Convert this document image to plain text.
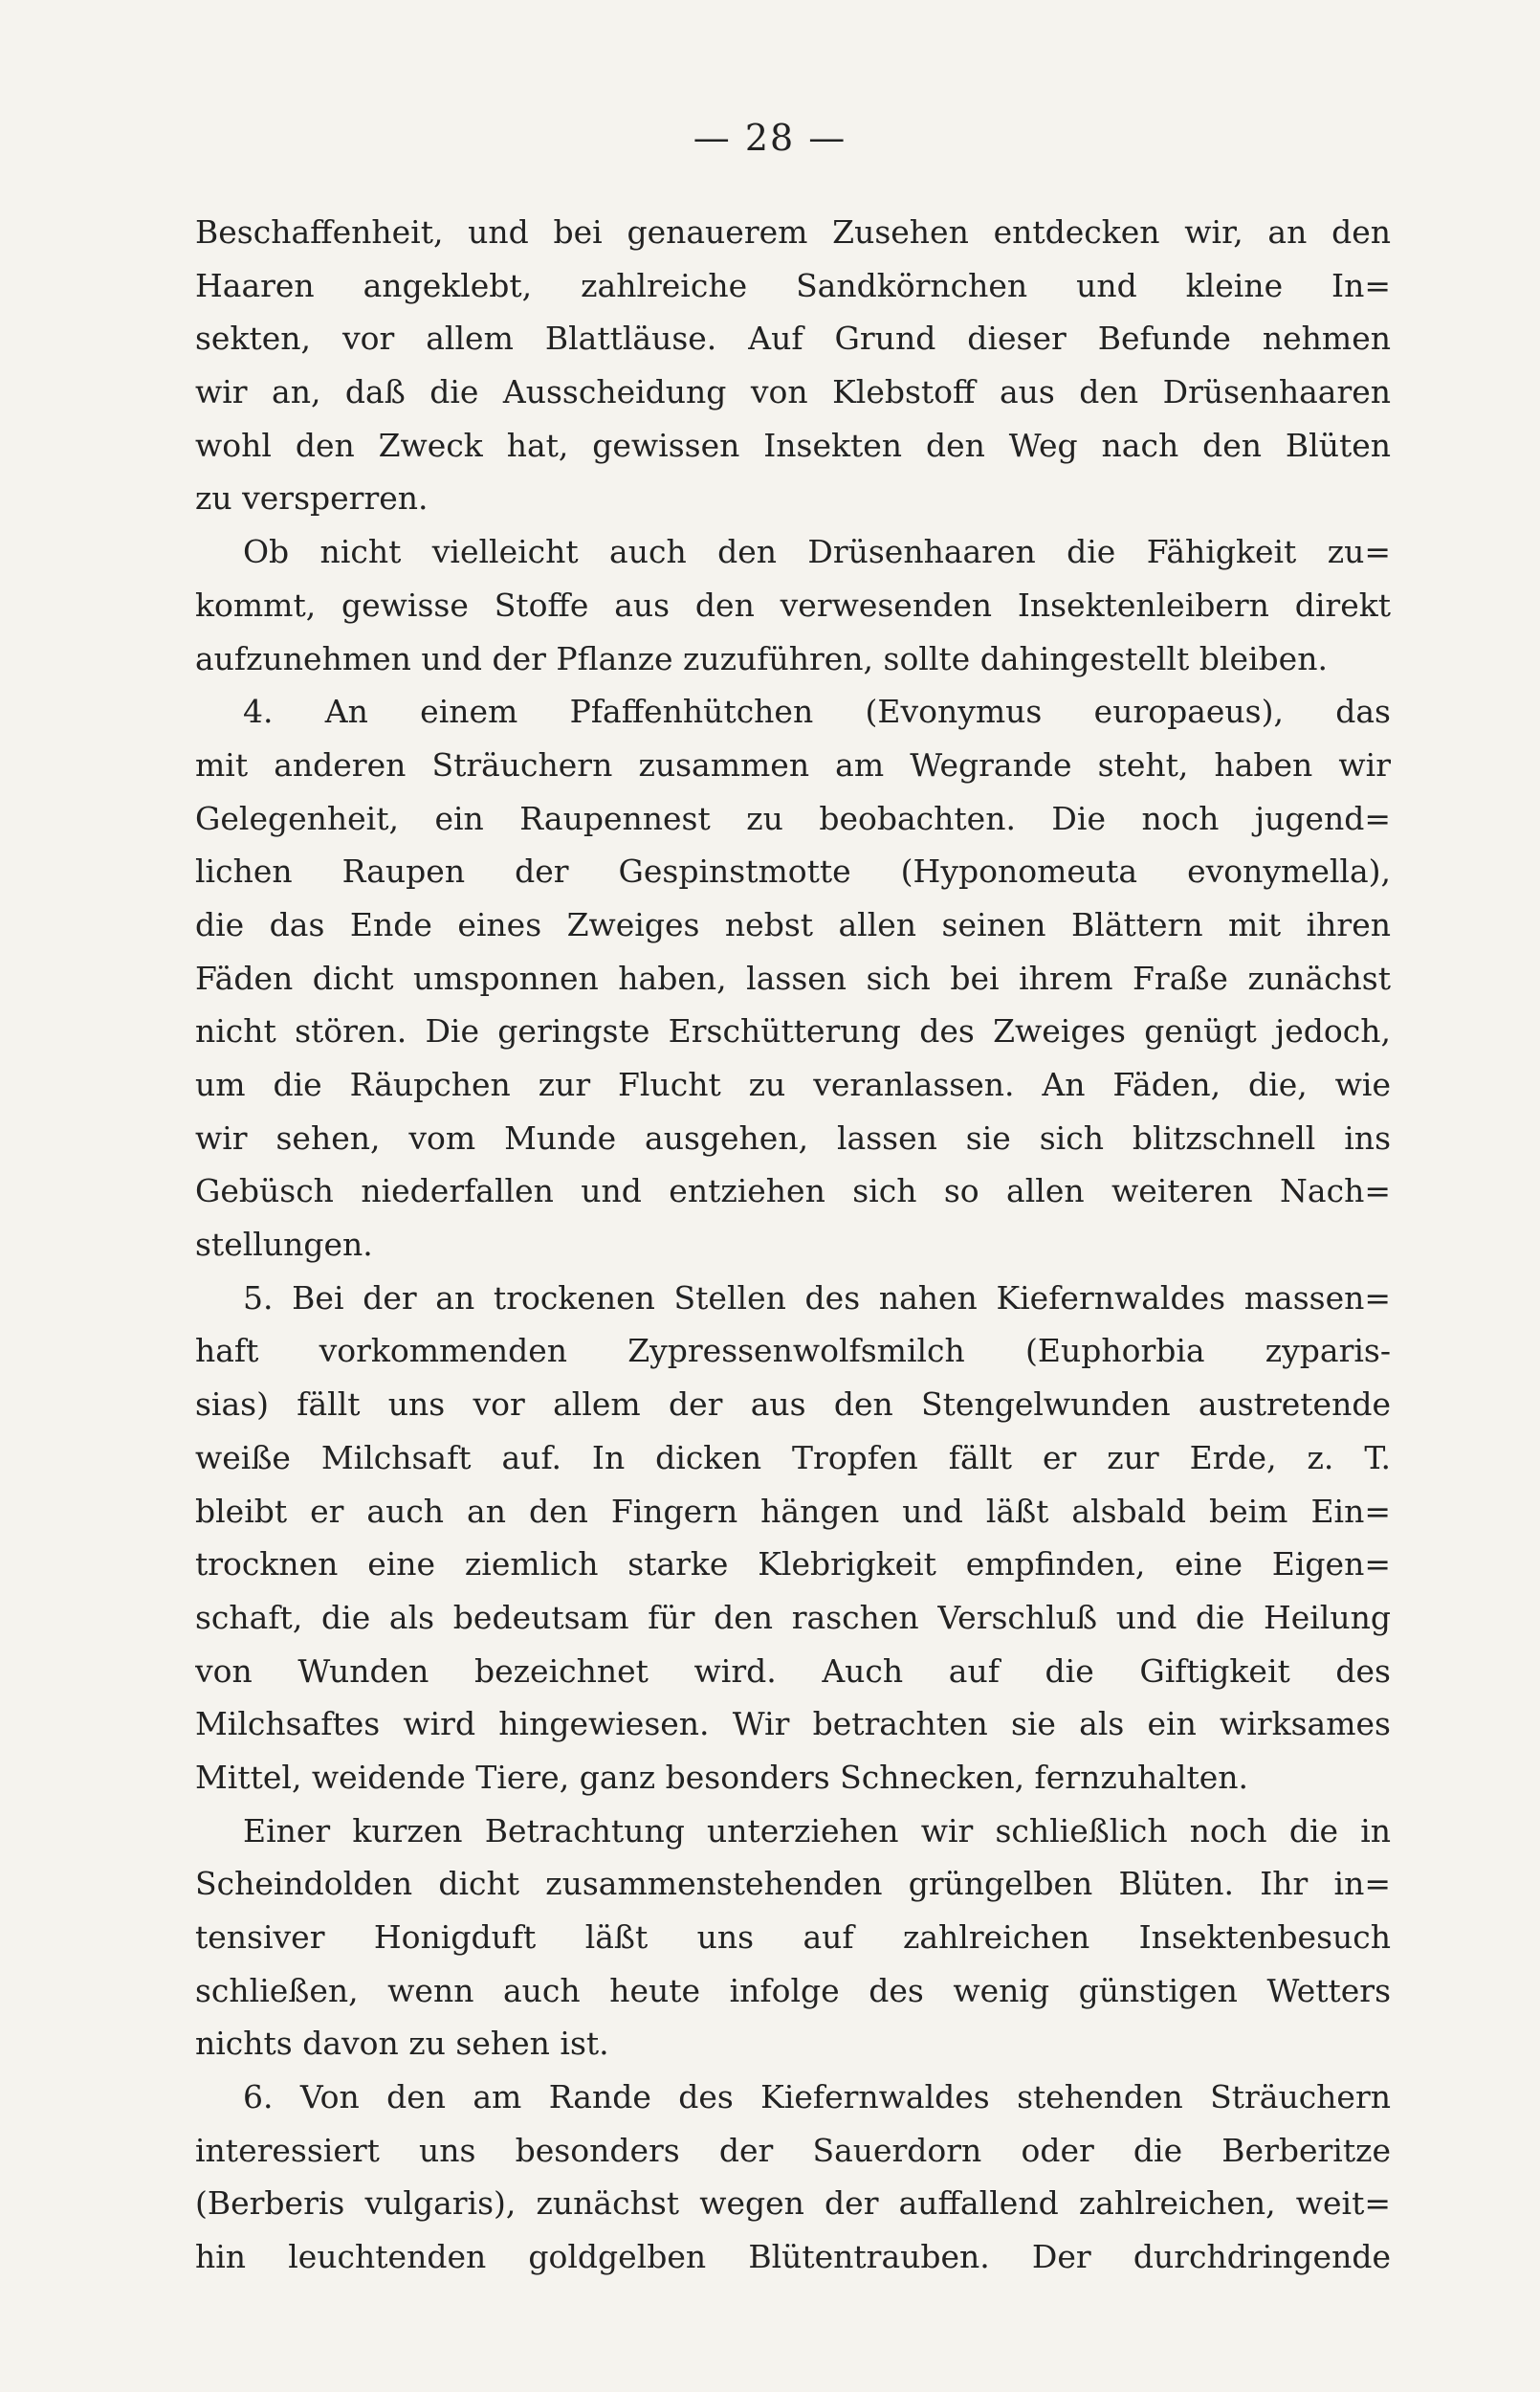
— 28 —
Beschaffenheit, und bei genauerem Zusehen entdecken wir, an den
Haaren angeklebt, zahlreiche Sandkörnchen und kleine In=
sekten, vor allem Blattläuse. Auf Grund dieser Befunde nehmen
wir an, daß die Ausscheidung von Klebstoff aus den Drüsenhaaren
wohl den Zweck hat, gewissen Insekten den Weg nach den Blüten
zu versperren.
Ob nicht vielleicht auch den Drüsenhaaren die Fähigkeit zu=
kommt, gewisse Stoffe aus den verwesenden Insektenleibern direkt
aufzunehmen und der Pflanze zuzuführen, sollte dahingestellt bleiben.
4. An einem Pfaffenhütchen (Evonymus europaeus), das
mit anderen Sträuchern zusammen am Wegrande steht, haben wir
Gelegenheit, ein Raupennest zu beobachten. Die noch jugend=
lichen Raupen der Gespinstmotte (Hyponomeuta evonymella),
die das Ende eines Zweiges nebst allen seinen Blättern mit ihren
Fäden dicht umsponnen haben, lassen sich bei ihrem Fraße zunächst
nicht stören. Die geringste Erschütterung des Zweiges genügt jedoch,
um die Räupchen zur Flucht zu veranlassen. An Fäden, die, wie
wir sehen, vom Munde ausgehen, lassen sie sich blitzschnell ins
Gebüsch niederfallen und entziehen sich so allen weiteren Nach=
stellungen.
5. Bei der an trockenen Stellen des nahen Kiefernwaldes massen=
haft vorkommenden Zypressenwolfsmilch (Euphorbia zyparis-
sias) fällt uns vor allem der aus den Stengelwunden austretende
weiße Milchsaft auf. In dicken Tropfen fällt er zur Erde, z. T.
bleibt er auch an den Fingern hängen und läßt alsbald beim Ein=
trocknen eine ziemlich starke Klebrigkeit empfinden, eine Eigen=
schaft, die als bedeutsam für den raschen Verschluß und die Heilung
von Wunden bezeichnet wird. Auch auf die Giftigkeit des
Milchsaftes wird hingewiesen. Wir betrachten sie als ein wirksames
Mittel, weidende Tiere, ganz besonders Schnecken, fernzuhalten.
Einer kurzen Betrachtung unterziehen wir schließlich noch die in
Scheindolden dicht zusammenstehenden grüngelben Blüten. Ihr in=
tensiver Honigduft läßt uns auf zahlreichen Insektenbesuch
schließen, wenn auch heute infolge des wenig günstigen Wetters
nichts davon zu sehen ist.
6. Von den am Rande des Kiefernwaldes stehenden Sträuchern
interessiert uns besonders der Sauerdorn oder die Berberitze
(Berberis vulgaris), zunächst wegen der auffallend zahlreichen, weit=
hin leuchtenden goldgelben Blütentrauben. Der durchdringende
